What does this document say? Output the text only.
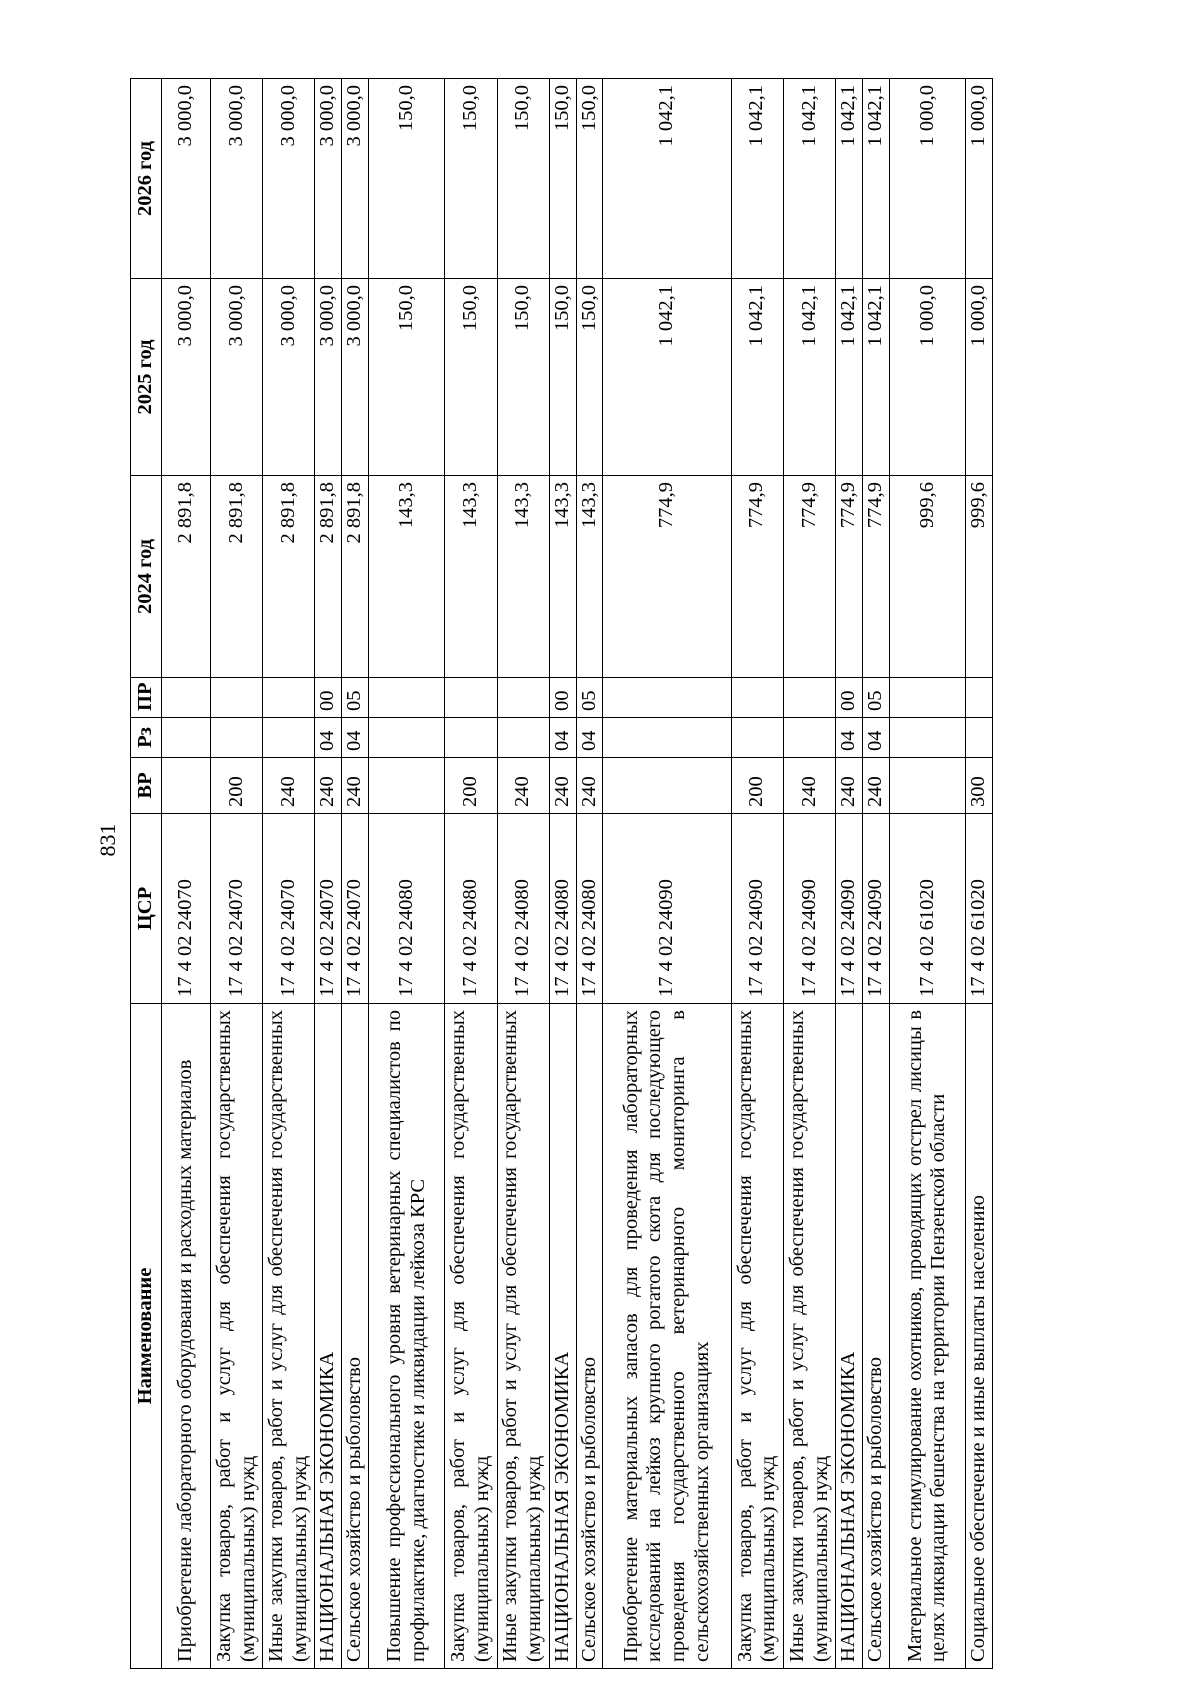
831
Наименование	ЦСР	ВР	Рз	ПР	2024 год	2025 год	2026 год
Приобретение лабораторного оборудования и расходных материалов	17 4 02 24070				2 891,8	3 000,0	3 000,0
Закупка товаров, работ и услуг для обеспечения государственных (муниципальных) нужд	17 4 02 24070	200			2 891,8	3 000,0	3 000,0
Иные закупки товаров, работ и услуг для обеспечения государственных (муниципальных) нужд	17 4 02 24070	240			2 891,8	3 000,0	3 000,0
НАЦИОНАЛЬНАЯ ЭКОНОМИКА	17 4 02 24070	240	04	00	2 891,8	3 000,0	3 000,0
Сельское хозяйство и рыболовство	17 4 02 24070	240	04	05	2 891,8	3 000,0	3 000,0
Повышение профессионального уровня ветеринарных специалистов по профилактике, диагностике и ликвидации лейкоза КРС	17 4 02 24080				143,3	150,0	150,0
Закупка товаров, работ и услуг для обеспечения государственных (муниципальных) нужд	17 4 02 24080	200			143,3	150,0	150,0
Иные закупки товаров, работ и услуг для обеспечения государственных (муниципальных) нужд	17 4 02 24080	240			143,3	150,0	150,0
НАЦИОНАЛЬНАЯ ЭКОНОМИКА	17 4 02 24080	240	04	00	143,3	150,0	150,0
Сельское хозяйство и рыболовство	17 4 02 24080	240	04	05	143,3	150,0	150,0
Приобретение материальных запасов для проведения лабораторных исследований на лейкоз крупного рогатого скота для последующего проведения государственного ветеринарного мониторинга в сельскохозяйственных организациях	17 4 02 24090				774,9	1 042,1	1 042,1
Закупка товаров, работ и услуг для обеспечения государственных (муниципальных) нужд	17 4 02 24090	200			774,9	1 042,1	1 042,1
Иные закупки товаров, работ и услуг для обеспечения государственных (муниципальных) нужд	17 4 02 24090	240			774,9	1 042,1	1 042,1
НАЦИОНАЛЬНАЯ ЭКОНОМИКА	17 4 02 24090	240	04	00	774,9	1 042,1	1 042,1
Сельское хозяйство и рыболовство	17 4 02 24090	240	04	05	774,9	1 042,1	1 042,1
Материальное стимулирование охотников, проводящих отстрел лисицы в целях ликвидации бешенства на территории Пензенской области	17 4 02 61020				999,6	1 000,0	1 000,0
Социальное обеспечение и иные выплаты населению	17 4 02 61020	300			999,6	1 000,0	1 000,0
